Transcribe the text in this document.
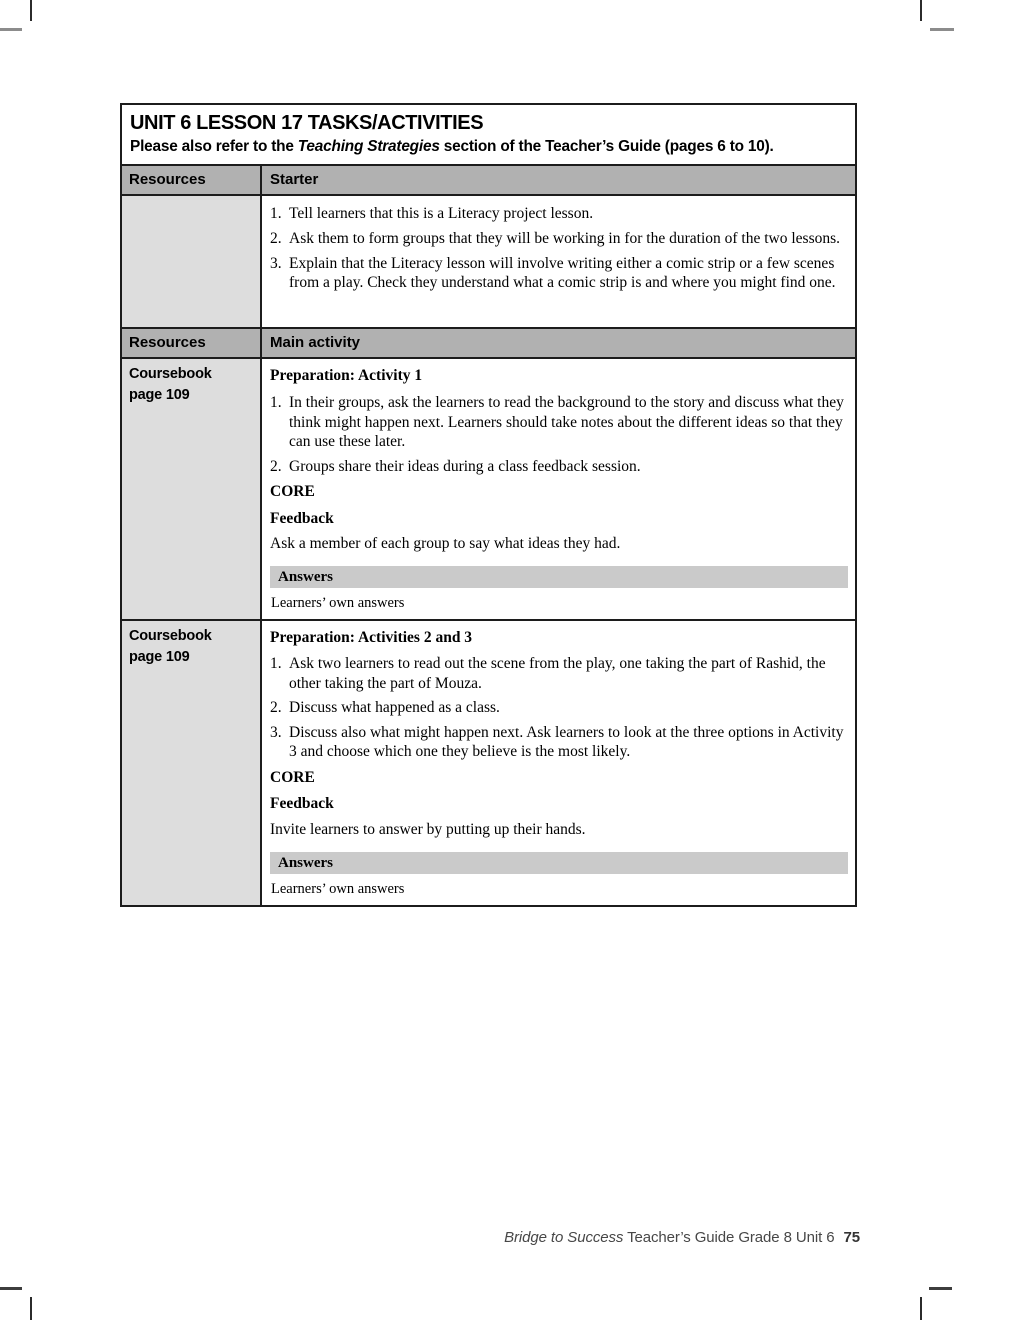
UNIT 6 LESSON 17 TASKS/ACTIVITIES
Please also refer to the Teaching Strategies section of the Teacher’s Guide (pages 6 to 10).
Resources	Starter
1. Tell learners that this is a Literacy project lesson.
2. Ask them to form groups that they will be working in for the duration of the two lessons.
3. Explain that the Literacy lesson will involve writing either a comic strip or a few scenes from a play. Check they understand what a comic strip is and where you might find one.
Resources	Main activity
Coursebook
page 109
Preparation: Activity 1
1. In their groups, ask the learners to read the background to the story and discuss what they think might happen next. Learners should take notes about the different ideas so that they can use these later.
2. Groups share their ideas during a class feedback session.
CORE
Feedback
Ask a member of each group to say what ideas they had.
Answers
Learners’ own answers
Coursebook
page 109
Preparation: Activities 2 and 3
1. Ask two learners to read out the scene from the play, one taking the part of Rashid, the other taking the part of Mouza.
2. Discuss what happened as a class.
3. Discuss also what might happen next. Ask learners to look at the three options in Activity 3 and choose which one they believe is the most likely.
CORE
Feedback
Invite learners to answer by putting up their hands.
Answers
Learners’ own answers
Bridge to Success Teacher’s Guide Grade 8 Unit 6 75
